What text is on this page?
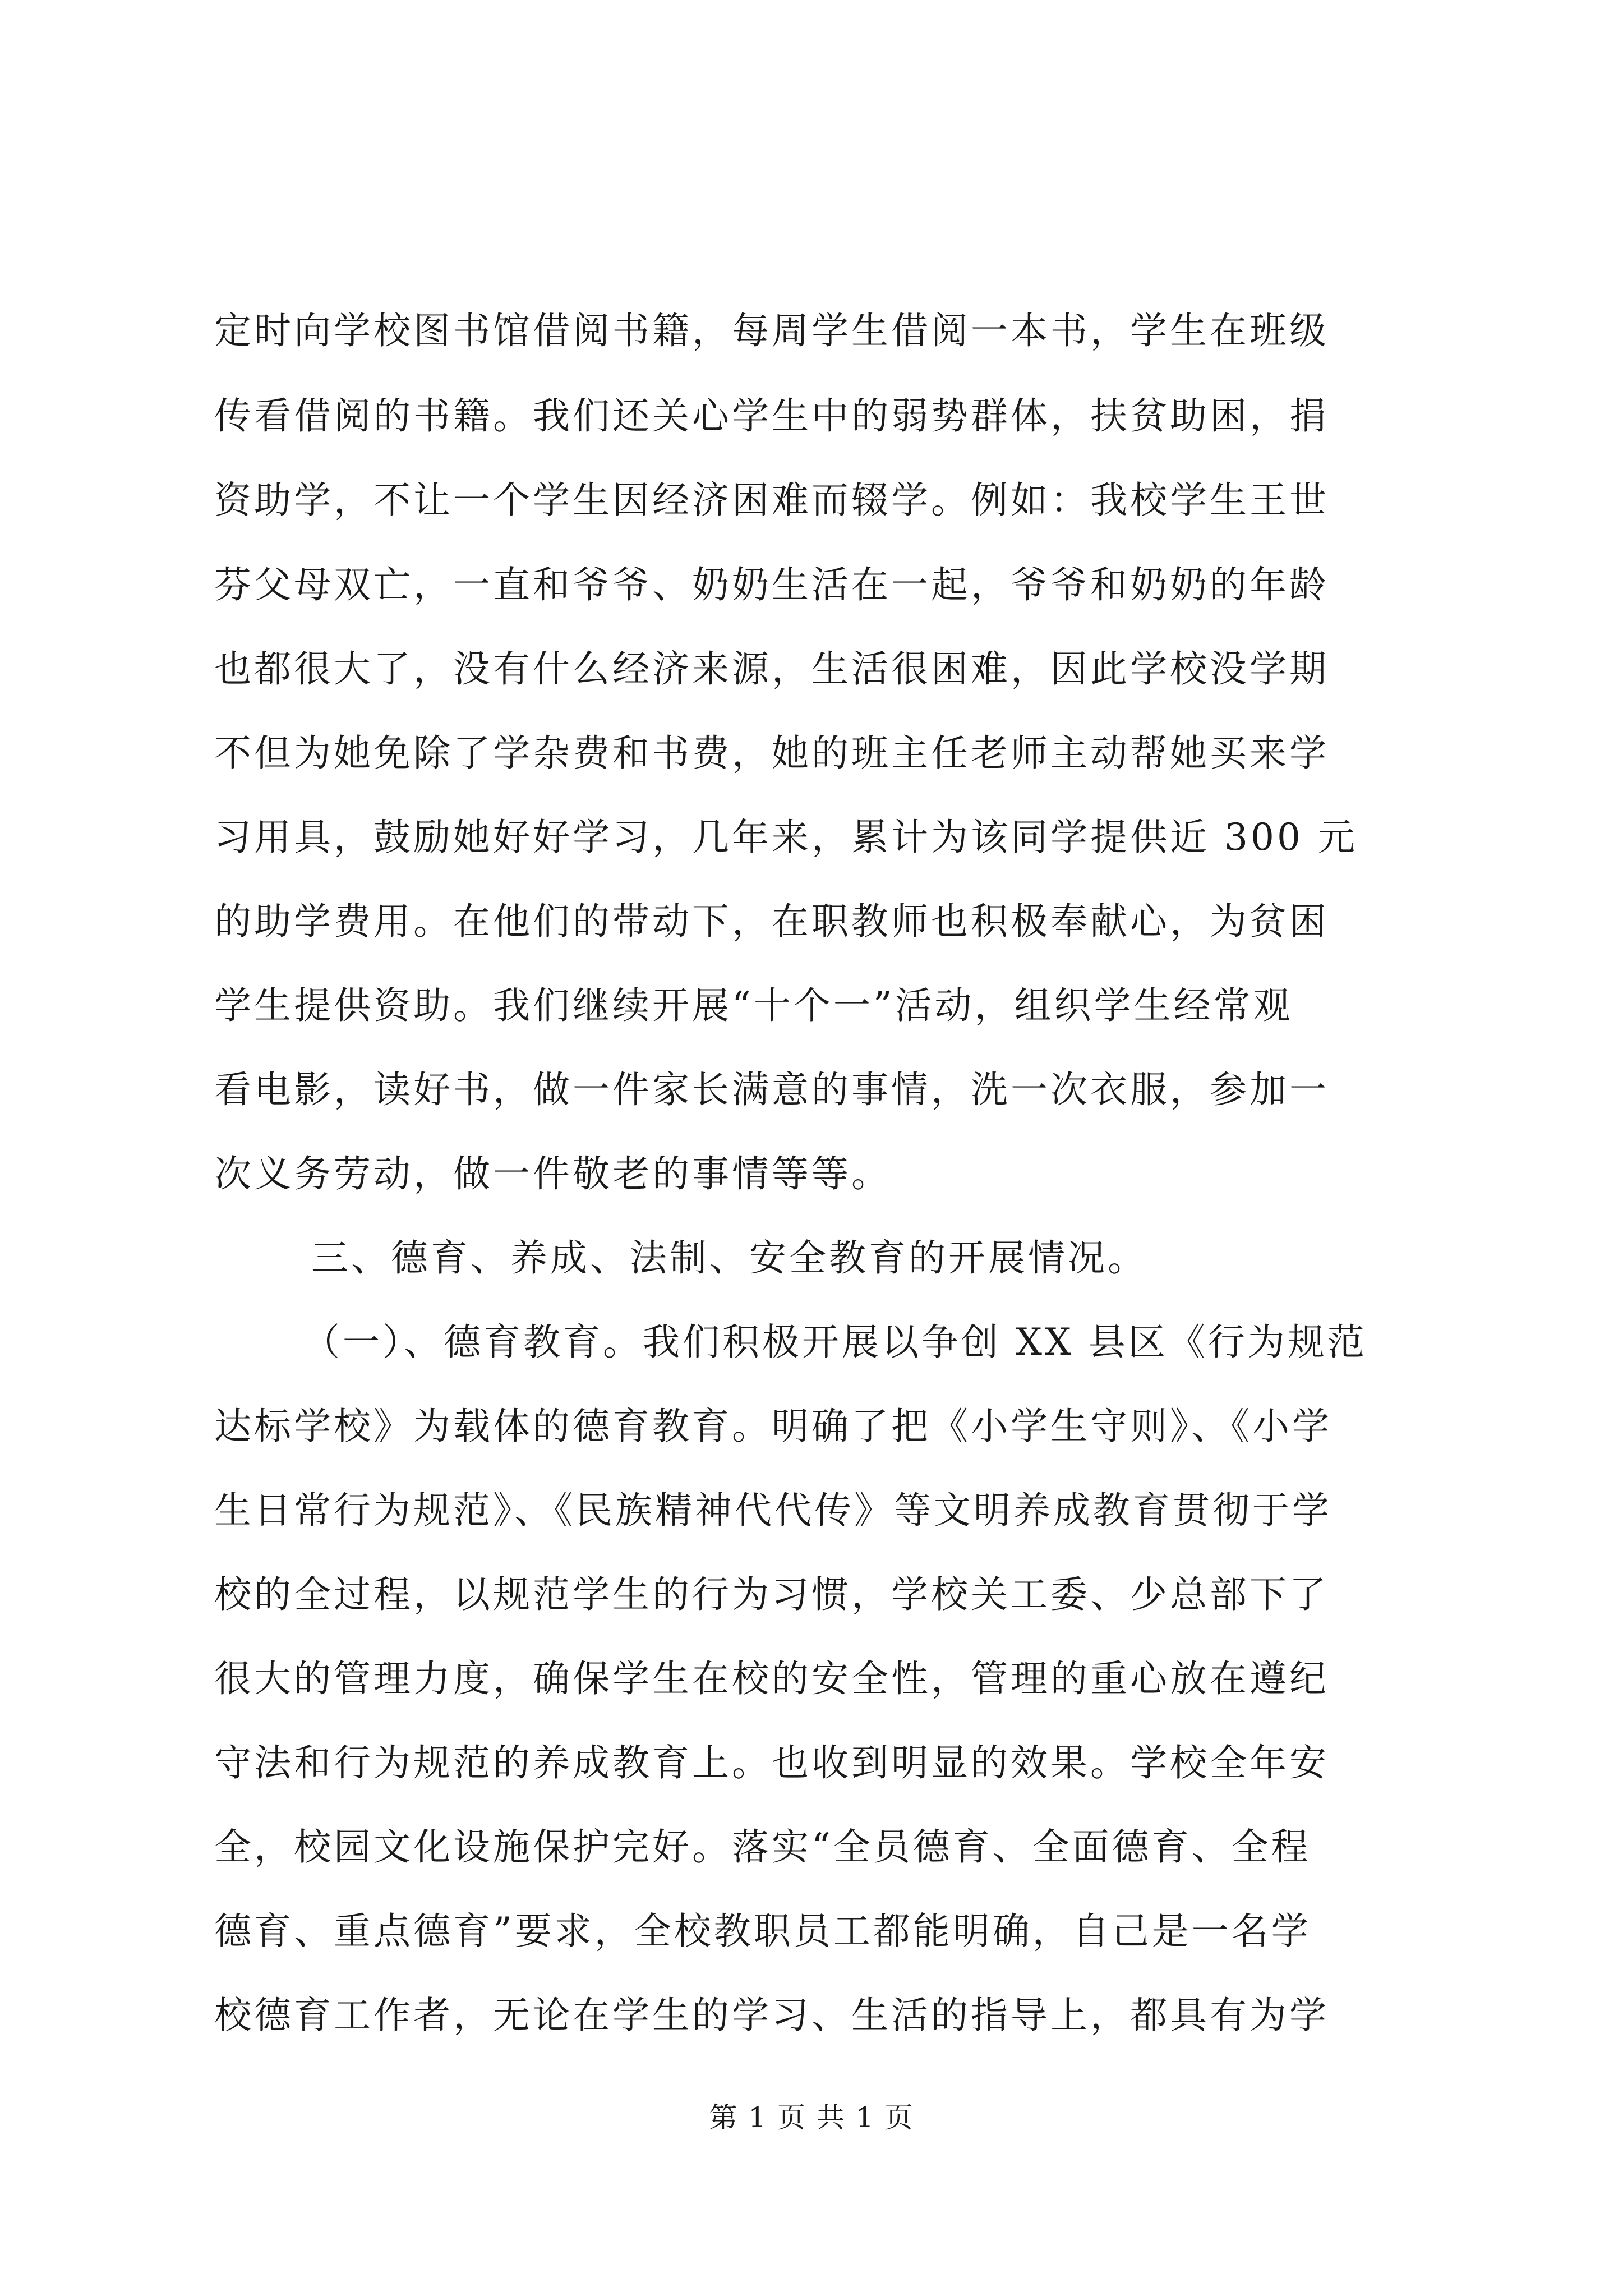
定时向学校图书馆借阅书籍，每周学生借阅一本书，学生在班级
传看借阅的书籍。我们还关心学生中的弱势群体，扶贫助困，捐
资助学，不让一个学生因经济困难而辍学。例如：我校学生王世
芬父母双亡，一直和爷爷、奶奶生活在一起，爷爷和奶奶的年龄
也都很大了，没有什么经济来源，生活很困难，因此学校没学期
不但为她免除了学杂费和书费，她的班主任老师主动帮她买来学
习用具，鼓励她好好学习，几年来，累计为该同学提供近 300 元
的助学费用。在他们的带动下，在职教师也积极奉献心，为贫困
学生提供资助。我们继续开展“十个一”活动，组织学生经常观
看电影，读好书，做一件家长满意的事情，洗一次衣服，参加一
次义务劳动，做一件敬老的事情等等。
三、德育、养成、法制、安全教育的开展情况。
（一）、德育教育。我们积极开展以争创 XX 县区《行为规范
达标学校》为载体的德育教育。明确了把《小学生守则》、《小学
生日常行为规范》、《民族精神代代传》等文明养成教育贯彻于学
校的全过程，以规范学生的行为习惯，学校关工委、少总部下了
很大的管理力度，确保学生在校的安全性，管理的重心放在遵纪
守法和行为规范的养成教育上。也收到明显的效果。学校全年安
全，校园文化设施保护完好。落实“全员德育、全面德育、全程
德育、重点德育”要求，全校教职员工都能明确，自己是一名学
校德育工作者，无论在学生的学习、生活的指导上，都具有为学
第 1 页 共 1 页
